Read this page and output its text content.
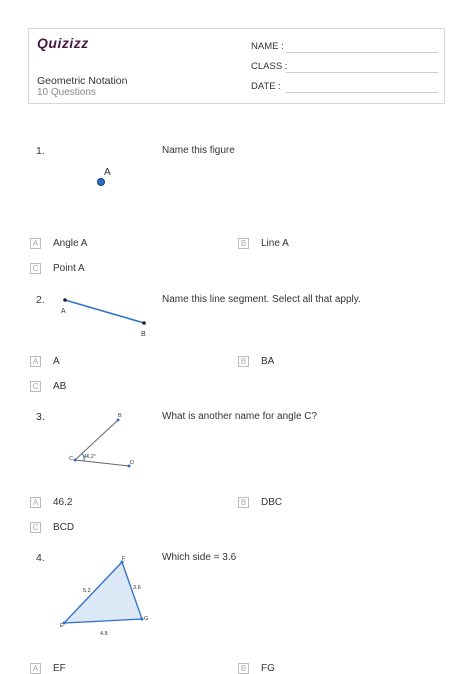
Quizizz
Geometric Notation
10 Questions
NAME :
CLASS :
DATE :
1.	Name this figure
A
A Angle A	B Line A
C Point A
2.	Name this line segment. Select all that apply.
A
B
A A	B BA
C AB
3.	What is another name for angle C?
B
C
D
46.2°
A 46.2	B DBC
C BCD
4.	Which side = 3.6
F
E
G
5.2	3.6
4.8
A EF	B FG
